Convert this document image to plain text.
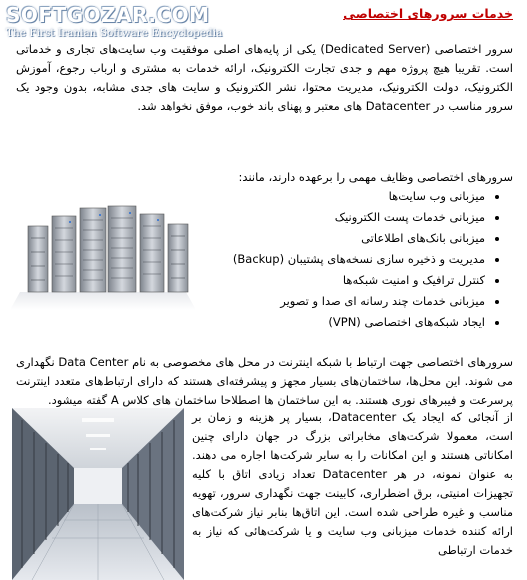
SOFTGOZAR.COM
The First Iranian Software Encyclopedia
خدمات سرورهای اختصاصی

سرور اختصاصی (Dedicated Server) یکی از پایه‌های اصلی موفقیت وب سایت‌های تجاری و خدماتی است. تقریبا هیچ پروژه مهم و جدی تجارت الکترونیک، ارائه خدمات به مشتری و ارباب رجوع، آموزش الکترونیک، دولت الکترونیک، مدیریت محتوا، نشر الکترونیک و سایت های جدی مشابه، بدون وجود یک سرور مناسب در Datacenter های معتبر و پهنای باند خوب، موفق نخواهد شد.

سرورهای اختصاصی وظایف مهمی را برعهده دارند، مانند:

• میزبانی وب سایت‌ها
• میزبانی خدمات پست الکترونیک
• میزبانی بانک‌های اطلاعاتی
• مدیریت و ذخیره سازی نسخه‌های پشتیبان (Backup)
• کنترل ترافیک و امنیت شبکه‌ها
• میزبانی خدمات چند رسانه ای صدا و تصویر
• ایجاد شبکه‌های اختصاصی (VPN)

سرورهای اختصاصی جهت ارتباط با شبکه اینترنت در محل های مخصوصی به نام Data Center نگهداری می شوند. این محل‌ها، ساختمان‌های بسیار مجهز و پیشرفته‌ای هستند که دارای ارتباط‌های متعدد اینترنت پرسرعت و فیبرهای نوری هستند. به این ساختمان ها اصطلاحا ساختمان های کلاس A گفته میشود.

از آنجائی که ایجاد یک Datacenter، بسیار پر هزینه و زمان بر است، معمولا شرکت‌های مخابراتی بزرگ در جهان دارای چنین امکاناتی هستند و این امکانات را به سایر شرکت‌ها اجاره می دهند. به عنوان نمونه، در هر Datacenter تعداد زیادی اتاق با کلیه تجهیزات امنیتی، برق اضطراری، کابینت جهت نگهداری سرور، تهویه مناسب و غیره طراحی شده است. این اتاق‌ها بنابر نیاز شرکت‌های ارائه کننده خدمات میزبانی وب سایت و یا شرکت‌هائی که نیاز به خدمات ارتباطی
